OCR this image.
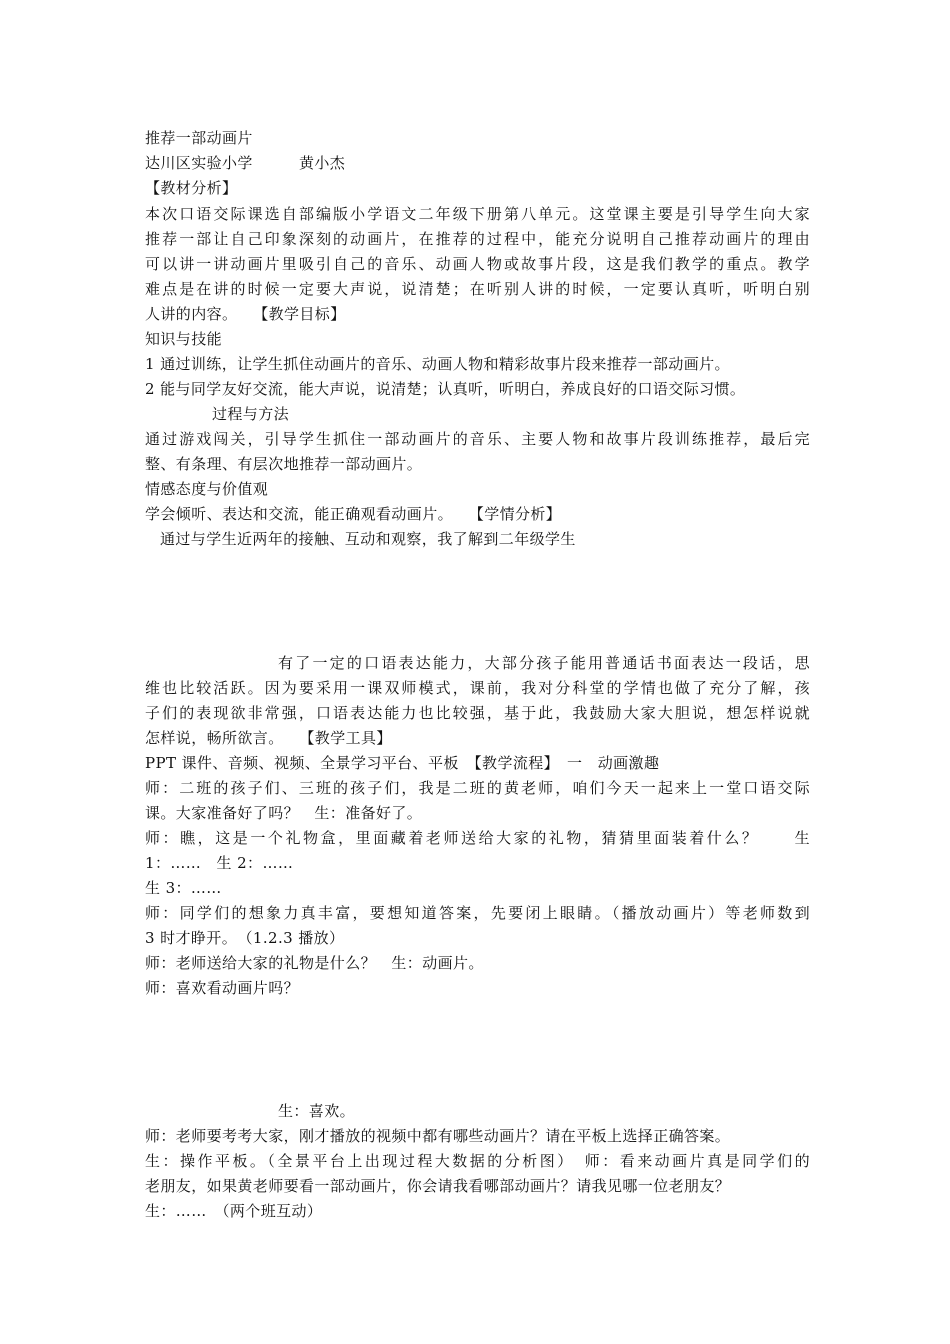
推荐一部动画片
达川区实验小学　　　黄小杰
【教材分析】
本次口语交际课选自部编版小学语文二年级下册第八单元。这堂课主要是引导学生向大家
推荐一部让自己印象深刻的动画片，在推荐的过程中，能充分说明自己推荐动画片的理由
可以讲一讲动画片里吸引自己的音乐、动画人物或故事片段，这是我们教学的重点。教学
难点是在讲的时候一定要大声说，说清楚；在听别人讲的时候，一定要认真听，听明白别
人讲的内容。　　【教学目标】
知识与技能
1 通过训练，让学生抓住动画片的音乐、动画人物和精彩故事片段来推荐一部动画片。
2 能与同学友好交流，能大声说，说清楚；认真听，听明白，养成良好的口语交际习惯。
过程与方法
通过游戏闯关，引导学生抓住一部动画片的音乐、主要人物和故事片段训练推荐，最后完
整、有条理、有层次地推荐一部动画片。
情感态度与价值观
学会倾听、表达和交流，能正确观看动画片。　　【学情分析】
通过与学生近两年的接触、互动和观察，我了解到二年级学生
有了一定的口语表达能力，大部分孩子能用普通话书面表达一段话，思
维也比较活跃。因为要采用一课双师模式，课前，我对分科堂的学情也做了充分了解，孩
子们的表现欲非常强，口语表达能力也比较强，基于此，我鼓励大家大胆说，想怎样说就
怎样说，畅所欲言。　　【教学工具】
PPT 课件、音频、视频、全景学习平台、平板　【教学流程】　一　动画激趣
师：二班的孩子们、三班的孩子们，我是二班的黄老师，咱们今天一起来上一堂口语交际
课。大家准备好了吗？　生：准备好了。
师：瞧，这是一个礼物盒，里面藏着老师送给大家的礼物，猜猜里面装着什么？　　生
1：……　生 2：……
生 3：……
师：同学们的想象力真丰富，要想知道答案，先要闭上眼睛。（播放动画片）等老师数到
3 时才睁开。　（1.2.3 播放）
师：老师送给大家的礼物是什么？　生：动画片。
师：喜欢看动画片吗？
生：喜欢。
师：老师要考考大家，刚才播放的视频中都有哪些动画片？请在平板上选择正确答案。
生：操作平板。（全景平台上出现过程大数据的分析图）　师：看来动画片真是同学们的
老朋友，如果黄老师要看一部动画片，你会请我看哪部动画片？请我见哪一位老朋友？
生：……　（两个班互动）
